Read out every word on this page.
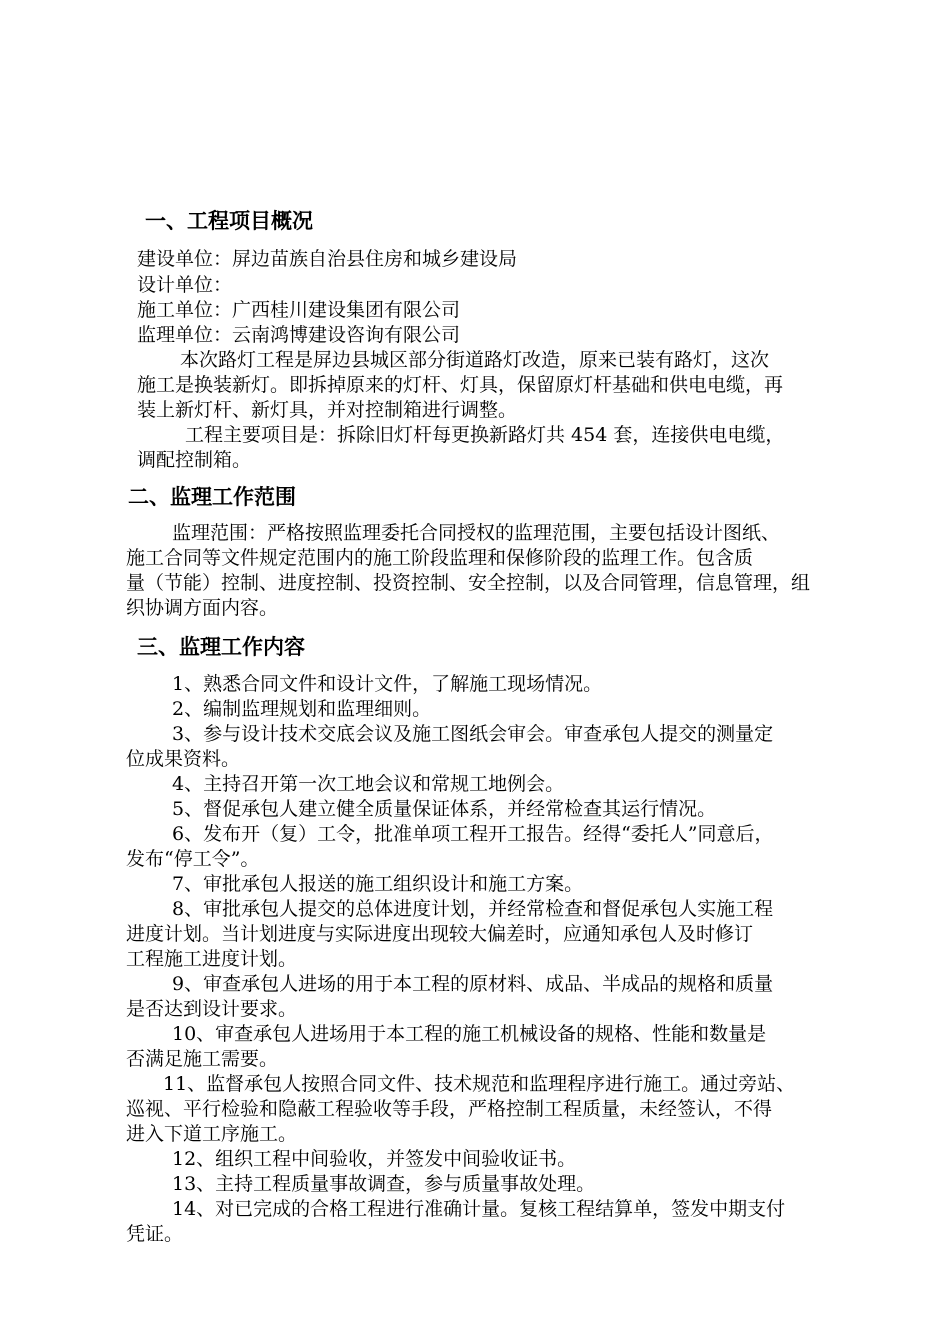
一、工程项目概况
建设单位：屏边苗族自治县住房和城乡建设局
设计单位：
施工单位：广西桂川建设集团有限公司
监理单位：云南鸿博建设咨询有限公司
本次路灯工程是屏边县城区部分街道路灯改造，原来已装有路灯，这次
施工是换装新灯。即拆掉原来的灯杆、灯具，保留原灯杆基础和供电电缆，再
装上新灯杆、新灯具，并对控制箱进行调整。
工程主要项目是：拆除旧灯杆每更换新路灯共 454 套，连接供电电缆，
调配控制箱。
二、监理工作范围
监理范围：严格按照监理委托合同授权的监理范围，主要包括设计图纸、
施工合同等文件规定范围内的施工阶段监理和保修阶段的监理工作。包含质
量（节能）控制、进度控制、投资控制、安全控制，以及合同管理，信息管理，组
织协调方面内容。
三、监理工作内容
1、熟悉合同文件和设计文件，了解施工现场情况。
2、编制监理规划和监理细则。
3、参与设计技术交底会议及施工图纸会审会。审查承包人提交的测量定
位成果资料。
4、主持召开第一次工地会议和常规工地例会。
5、督促承包人建立健全质量保证体系，并经常检查其运行情况。
6、发布开（复）工令，批准单项工程开工报告。经得“委托人”同意后，
发布“停工令”。
7、审批承包人报送的施工组织设计和施工方案。
8、审批承包人提交的总体进度计划，并经常检查和督促承包人实施工程
进度计划。当计划进度与实际进度出现较大偏差时，应通知承包人及时修订
工程施工进度计划。
9、审查承包人进场的用于本工程的原材料、成品、半成品的规格和质量
是否达到设计要求。
10、审查承包人进场用于本工程的施工机械设备的规格、性能和数量是
否满足施工需要。
11、监督承包人按照合同文件、技术规范和监理程序进行施工。通过旁站、
巡视、平行检验和隐蔽工程验收等手段，严格控制工程质量，未经签认，不得
进入下道工序施工。
12、组织工程中间验收，并签发中间验收证书。
13、主持工程质量事故调查，参与质量事故处理。
14、对已完成的合格工程进行准确计量。复核工程结算单，签发中期支付
凭证。
